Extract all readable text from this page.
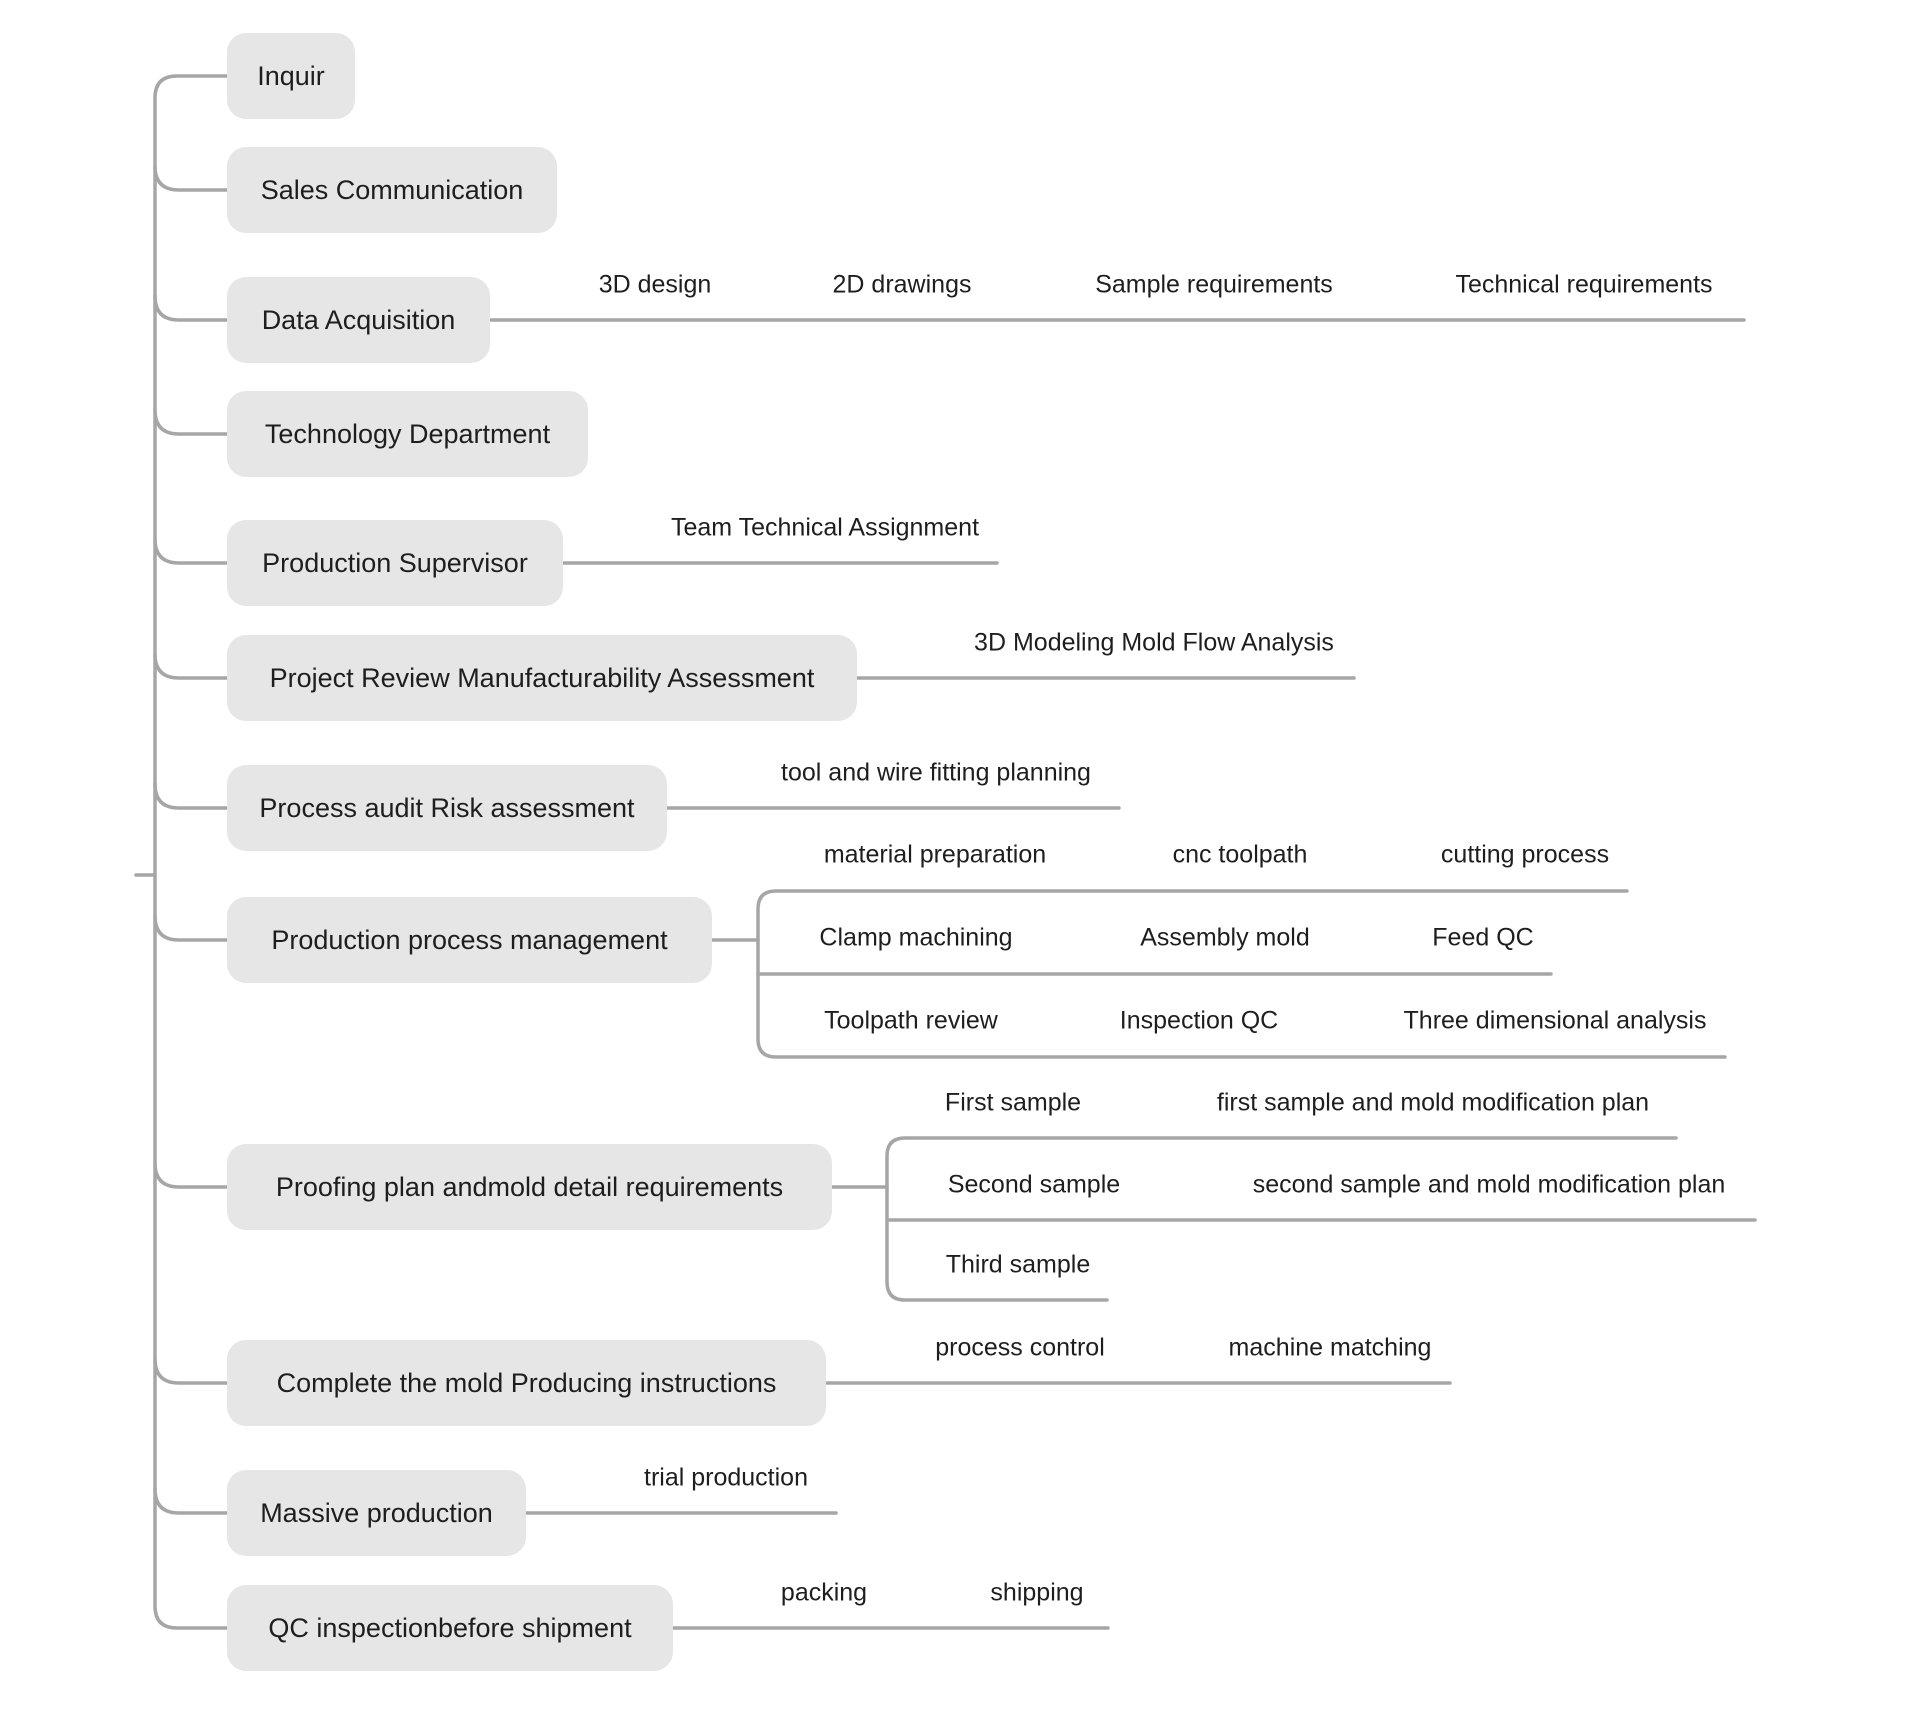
Inquir
Sales Communication
Data Acquisition
Technology Department
Production Supervisor
Project Review Manufacturability Assessment
Process audit Risk assessment
Production process management
Proofing plan andmold detail requirements
Complete the mold Producing instructions
Massive production
QC inspectionbefore shipment
3D design	2D drawings	Sample requirements	Technical requirements
Team Technical Assignment
3D Modeling Mold Flow Analysis
tool and wire fitting planning
material preparation	cnc toolpath	cutting process
Clamp machining	Assembly mold	Feed QC
Toolpath review	Inspection QC	Three dimensional analysis
First sample	first sample and mold modification plan
Second sample	second sample and mold modification plan
Third sample
process control	machine matching
trial production
packing	shipping
